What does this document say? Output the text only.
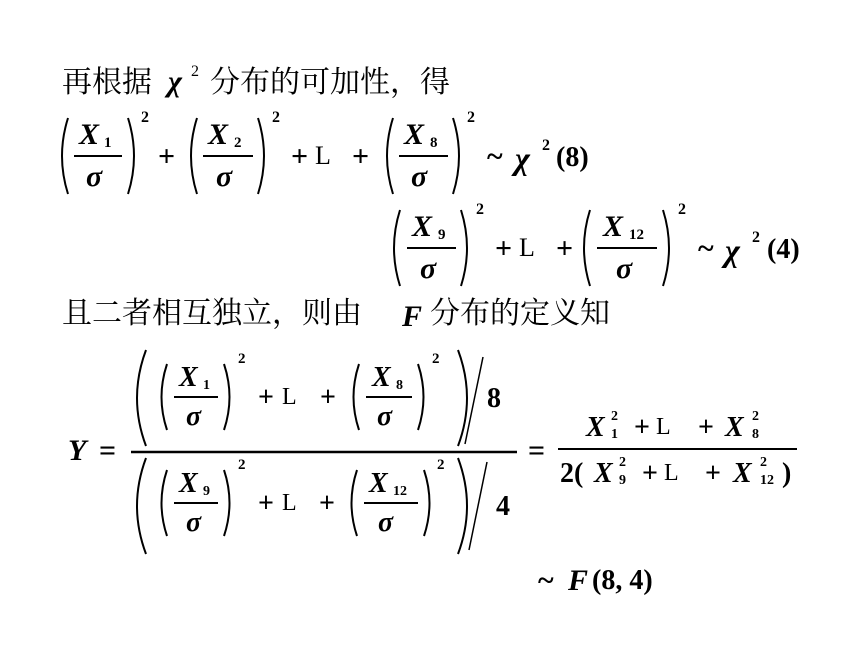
再根据 χ 2 分布的可加性，得
X 1
σ
2
+
X 2
σ
2
+ L +
X 8
σ
2
~ χ 2 (8)
X 9
σ
2
+ L +
X 12
σ
2
~ χ 2 (4)
且二者相互独立，则由 F 分布的定义知
Y =
X 1
σ
2
+ L +
X 8
σ
2
8
X 9
σ
2
+ L +
X 12
σ
2
4
=
X 2
1 + L + X 2
8
2( X 2
9 + L + X 2
12 )
~ F (8, 4)
